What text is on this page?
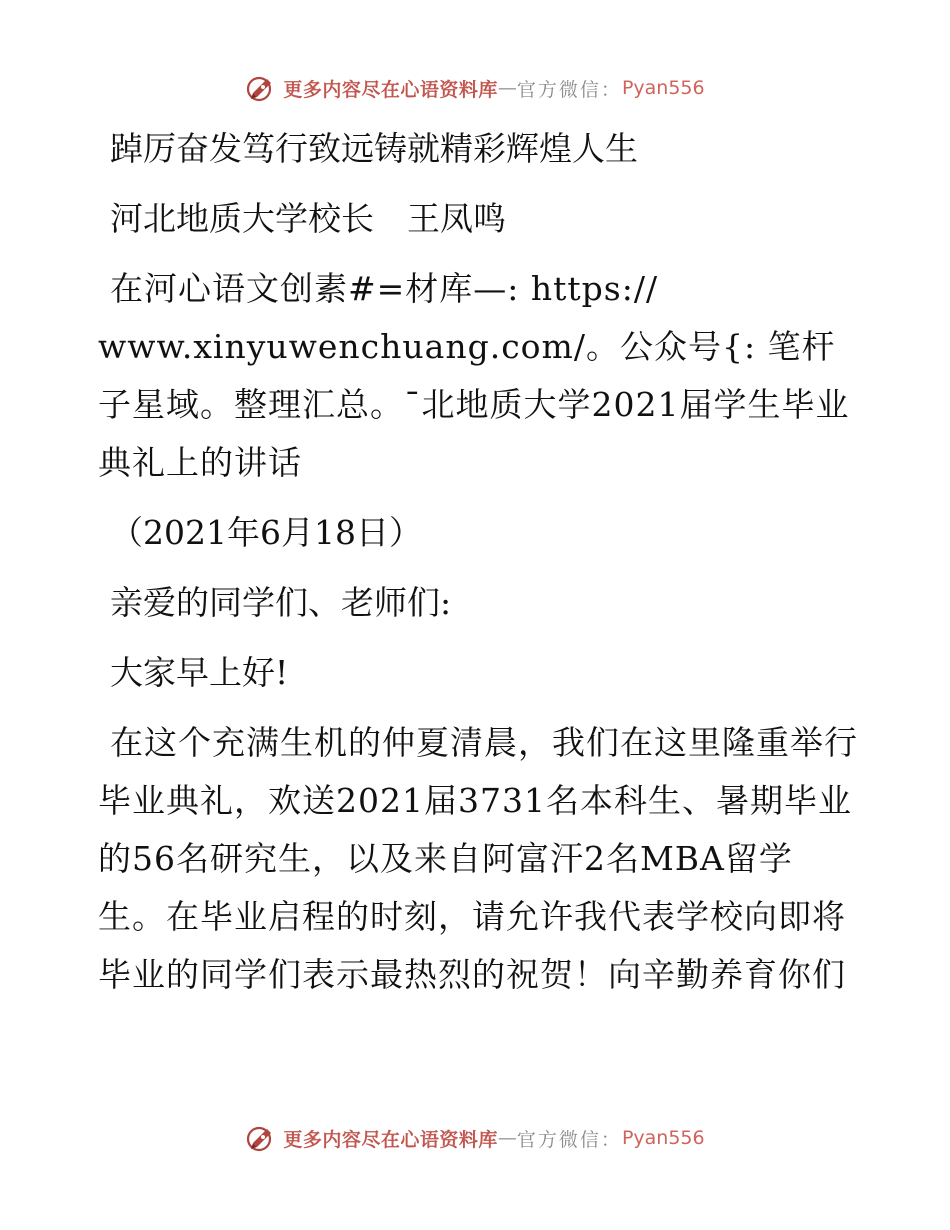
更多内容尽在心语资料库 — 官方微信： Pyan556

踔厉奋发笃行致远铸就精彩辉煌人生

河北地质大学校长　王凤鸣

在河心语文创素#=材库—: https:// www.xinyuwenchuang.com/。公众号{: 笔杆子星域。整理汇总。¯北地质大学2021届学生毕业典礼上的讲话

（2021年6月18日）

亲爱的同学们、老师们:

大家早上好!

在这个充满生机的仲夏清晨，我们在这里隆重举行毕业典礼，欢送2021届3731名本科生、暑期毕业的56名研究生，以及来自阿富汗2名MBA留学生。在毕业启程的时刻，请允许我代表学校向即将毕业的同学们表示最热烈的祝贺！向辛勤养育你们

更多内容尽在心语资料库 — 官方微信： Pyan556
